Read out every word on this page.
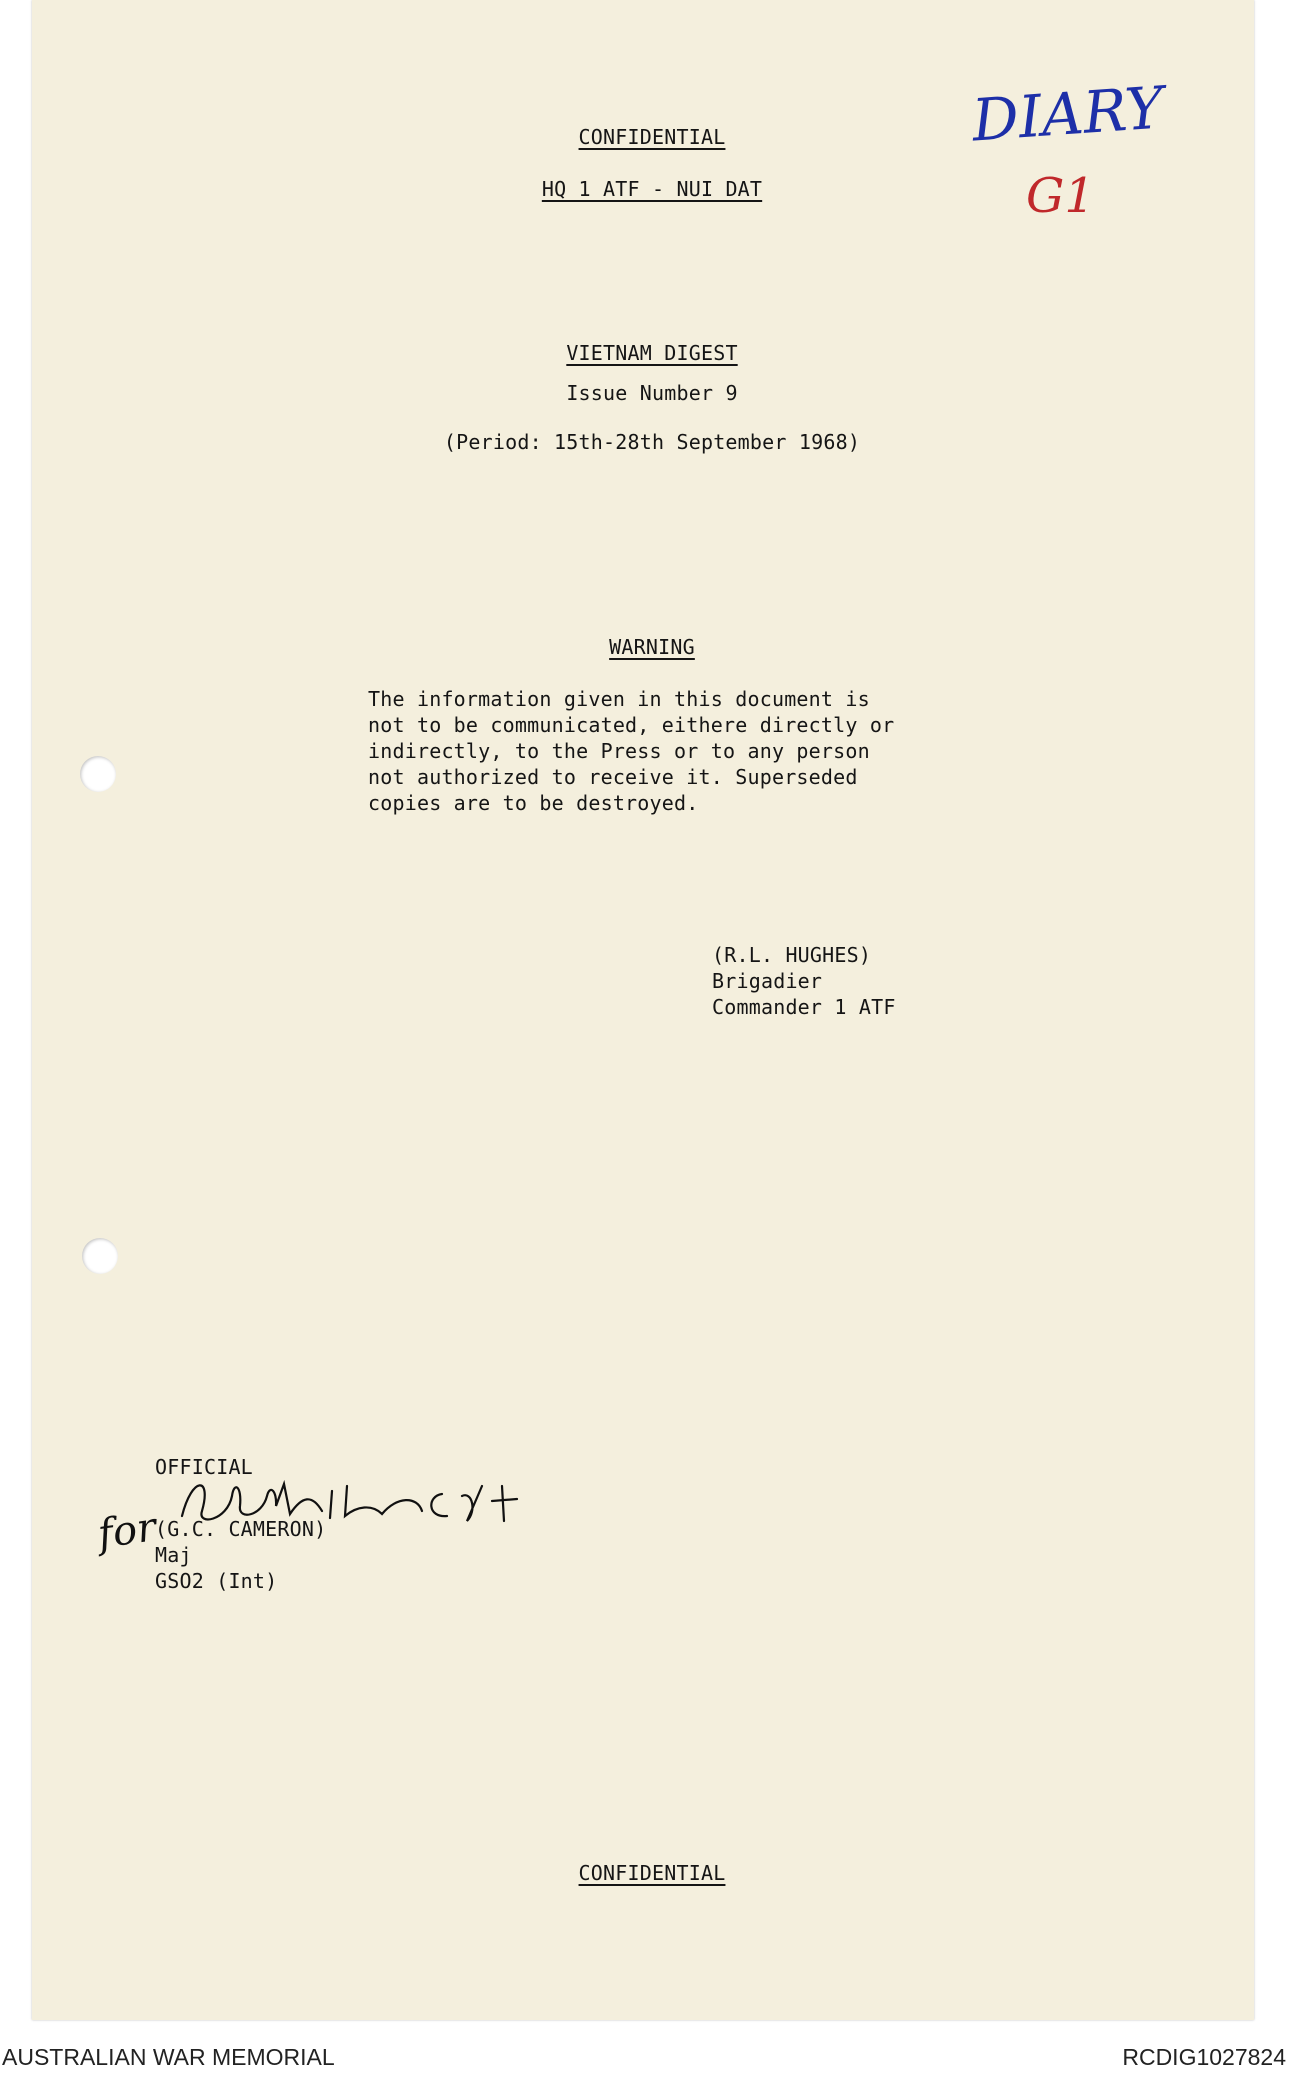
DIARY
G1
CONFIDENTIAL
HQ 1 ATF - NUI DAT
VIETNAM DIGEST
Issue Number 9
(Period: 15th-28th September 1968)
WARNING
The information given in this document is
not to be communicated, eithere directly or
indirectly, to the Press or to any person
not authorized to receive it. Superseded
copies are to be destroyed.
(R.L. HUGHES)
Brigadier
Commander 1 ATF
OFFICIAL
(G.C. CAMERON)
Maj
GSO2 (Int)
for
CONFIDENTIAL
AUSTRALIAN WAR MEMORIAL	RCDIG1027824
